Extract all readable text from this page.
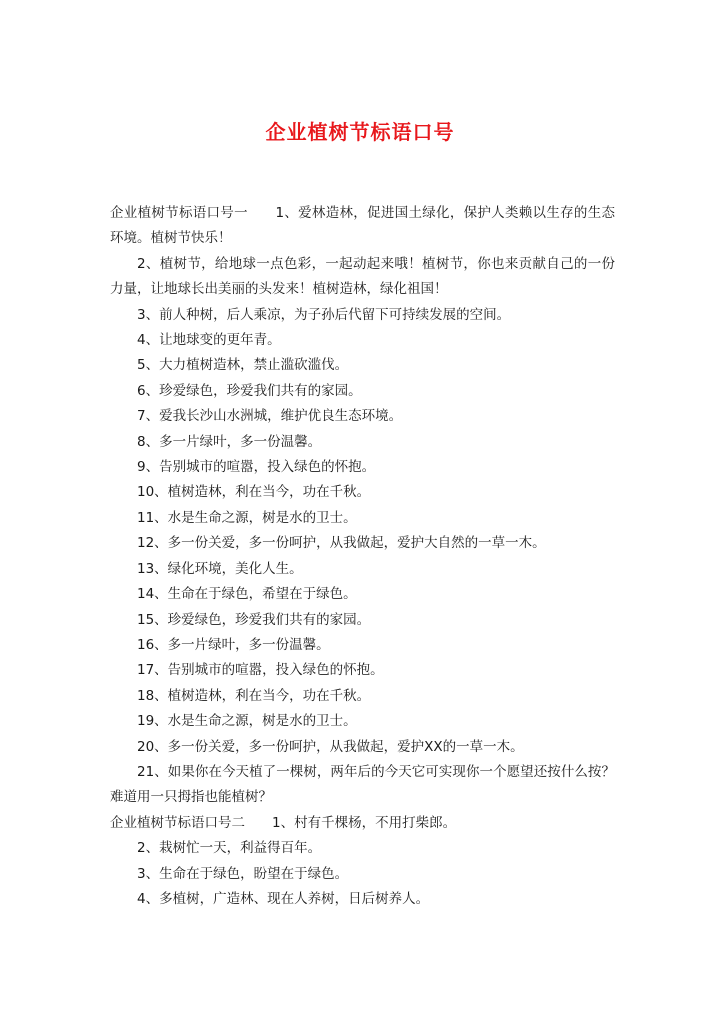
企业植树节标语口号

企业植树节标语口号一　　1、爱林造林，促进国土绿化，保护人类赖以生存的生态环境。植树节快乐！

2、植树节，给地球一点色彩，一起动起来哦！植树节，你也来贡献自己的一份力量，让地球长出美丽的头发来！植树造林，绿化祖国！

3、前人种树，后人乘凉，为子孙后代留下可持续发展的空间。

4、让地球变的更年青。

5、大力植树造林，禁止滥砍滥伐。

6、珍爱绿色，珍爱我们共有的家园。

7、爱我长沙山水洲城，维护优良生态环境。

8、多一片绿叶，多一份温馨。

9、告别城市的喧嚣，投入绿色的怀抱。

10、植树造林，利在当今，功在千秋。

11、水是生命之源，树是水的卫士。

12、多一份关爱，多一份呵护，从我做起，爱护大自然的一草一木。

13、绿化环境，美化人生。

14、生命在于绿色，希望在于绿色。

15、珍爱绿色，珍爱我们共有的家园。

16、多一片绿叶，多一份温馨。

17、告别城市的喧嚣，投入绿色的怀抱。

18、植树造林，利在当今，功在千秋。

19、水是生命之源，树是水的卫士。

20、多一份关爱，多一份呵护，从我做起，爱护XX的一草一木。

21、如果你在今天植了一棵树，两年后的今天它可实现你一个愿望还按什么按？难道用一只拇指也能植树？

企业植树节标语口号二　　1、村有千棵杨，不用打柴郎。

2、栽树忙一天，利益得百年。

3、生命在于绿色，盼望在于绿色。

4、多植树，广造林、现在人养树，日后树养人。
